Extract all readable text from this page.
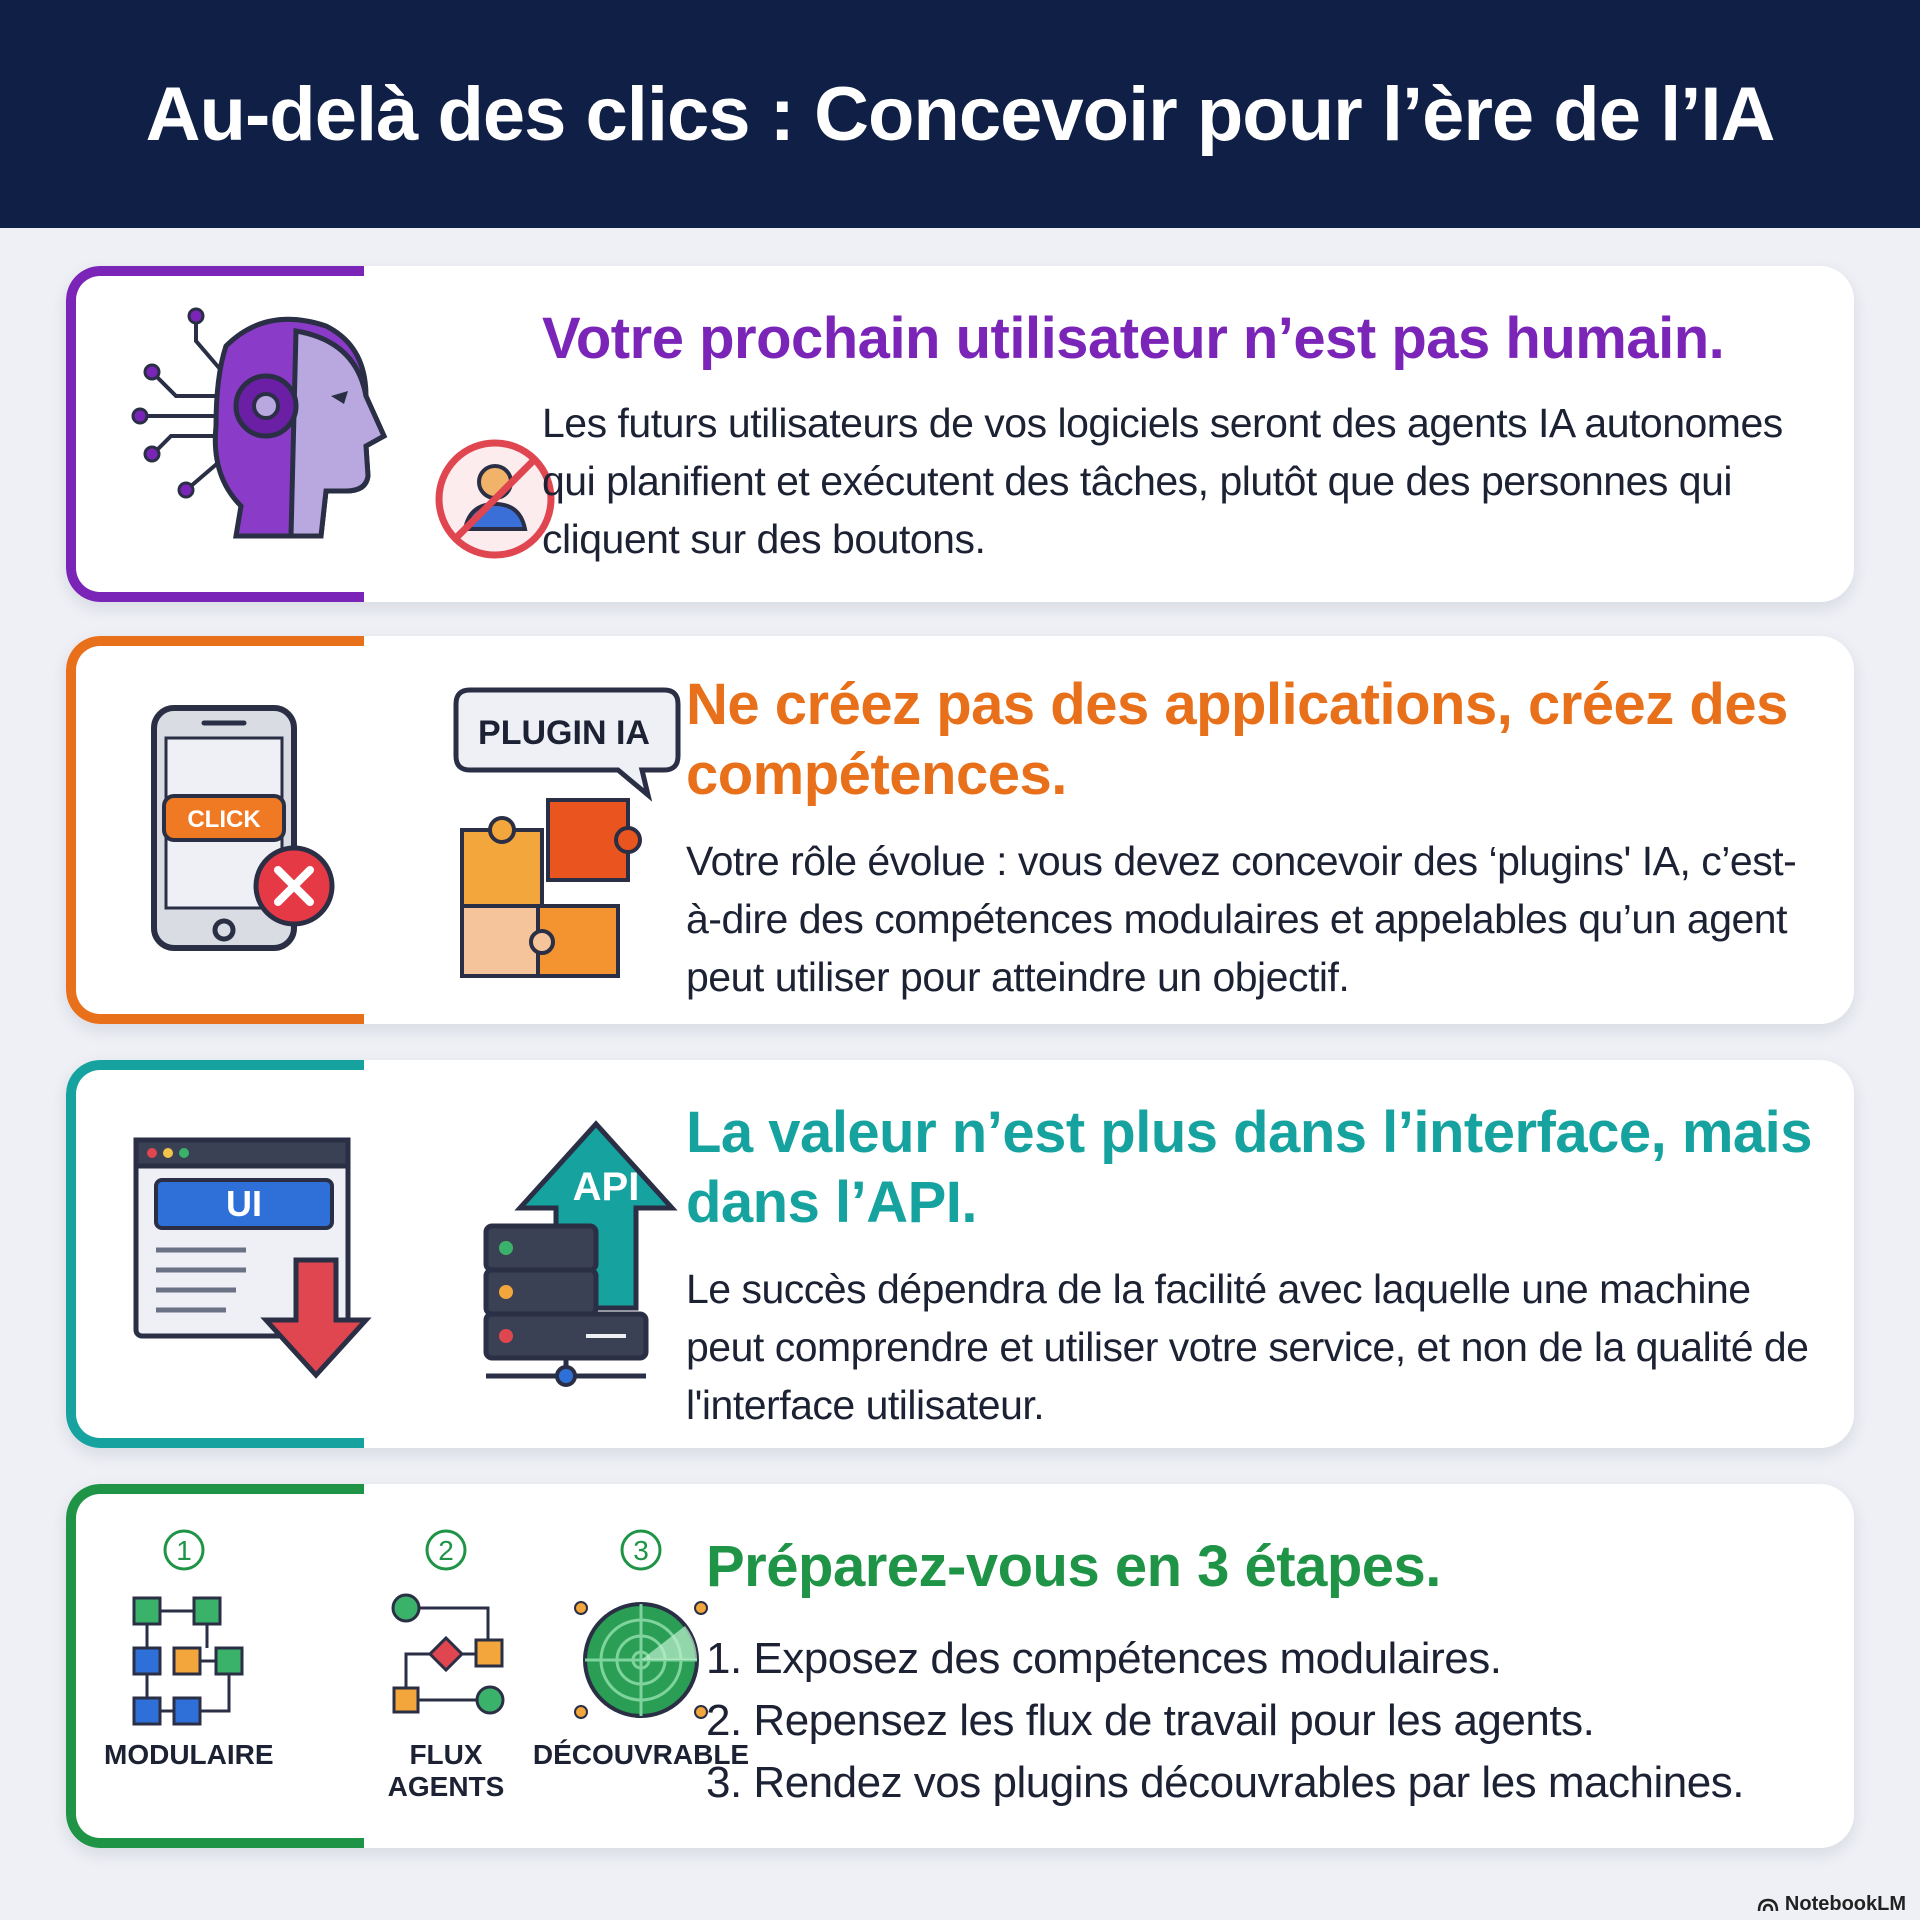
Au-delà des clics : Concevoir pour l’ère de l’IA
Votre prochain utilisateur n’est pas humain.

Les futurs utilisateurs de vos logiciels seront des agents IA autonomes qui planifient et exécutent des tâches, plutôt que des personnes qui cliquent sur des boutons.

CLICK
PLUGIN IA Ne créez pas des applications, créez des compétences.

Votre rôle évolue : vous devez concevoir des ‘plugins' IA, c’est-à-dire des compétences modulaires et appelables qu’un agent peut utiliser pour atteindre un objectif.

UI	API
La valeur n’est plus dans l’interface, mais dans l’API.

Le succès dépendra de la facilité avec laquelle une machine peut comprendre et utiliser votre service, et non de la qualité de l'interface utilisateur.

1
MODULAIRE
2
FLUX
AGENTS
3
DÉCOUVRABLE
Préparez-vous en 3 étapes.
1. Exposez des compétences modulaires.
2. Repensez les flux de travail pour les agents.
3. Rendez vos plugins découvrables par les machines.
NotebookLM
